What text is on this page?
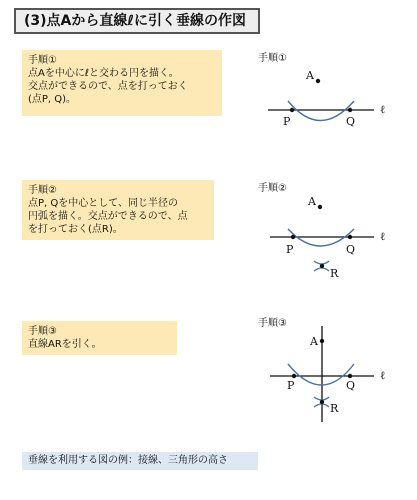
(3)点Aから直線ℓに引く垂線の作図
手順①
点Aを中心にℓと交わる円を描く。
交点ができるので、点を打っておく
(点P, Q)。
手順①
ℓ
A
P	Q
手順②
点P, Qを中心として、同じ半径の
円弧を描く。交点ができるので、点
を打っておく(点R)。
手順②
ℓ
A
P	Q
R
手順③
直線ARを引く。
手順③
ℓ
A
P	Q
R
垂線を利用する図の例：接線、三角形の高さ
